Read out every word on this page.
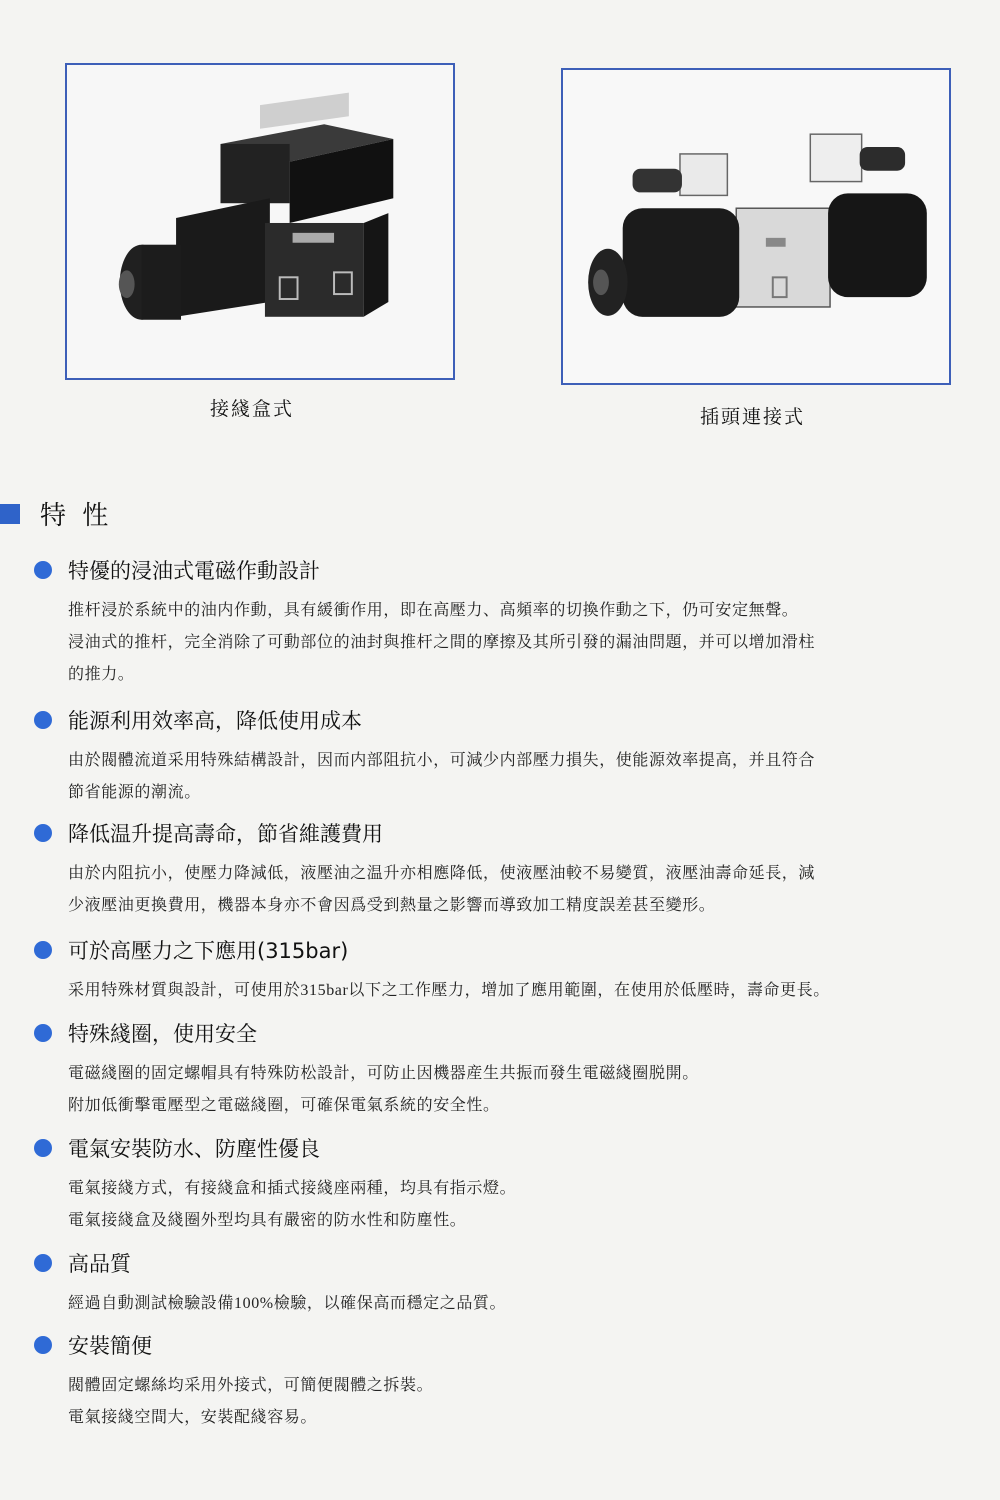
接綫盒式	插頭連接式
特 性
特優的浸油式電磁作動設計
推杆浸於系統中的油内作動，具有緩衝作用，即在高壓力、高頻率的切換作動之下，仍可安定無聲。
浸油式的推杆，完全消除了可動部位的油封與推杆之間的摩擦及其所引發的漏油問題，并可以增加滑柱
的推力。
能源利用效率高，降低使用成本
由於閥體流道采用特殊結構設計，因而内部阻抗小，可減少内部壓力損失，使能源效率提高，并且符合
節省能源的潮流。
降低温升提高壽命，節省維護費用
由於内阻抗小，使壓力降減低，液壓油之温升亦相應降低，使液壓油較不易變質，液壓油壽命延長，減
少液壓油更換費用，機器本身亦不會因爲受到熱量之影響而導致加工精度誤差甚至變形。
可於高壓力之下應用(315bar)
采用特殊材質與設計，可使用於315bar以下之工作壓力，增加了應用範圍，在使用於低壓時，壽命更長。
特殊綫圈，使用安全
電磁綫圈的固定螺帽具有特殊防松設計，可防止因機器産生共振而發生電磁綫圈脱開。
附加低衝擊電壓型之電磁綫圈，可確保電氣系統的安全性。
電氣安裝防水、防塵性優良
電氣接綫方式，有接綫盒和插式接綫座兩種，均具有指示燈。
電氣接綫盒及綫圈外型均具有嚴密的防水性和防塵性。
高品質
經過自動測試檢驗設備100%檢驗，以確保高而穩定之品質。
安裝簡便
閥體固定螺絲均采用外接式，可簡便閥體之拆裝。
電氣接綫空間大，安裝配綫容易。
